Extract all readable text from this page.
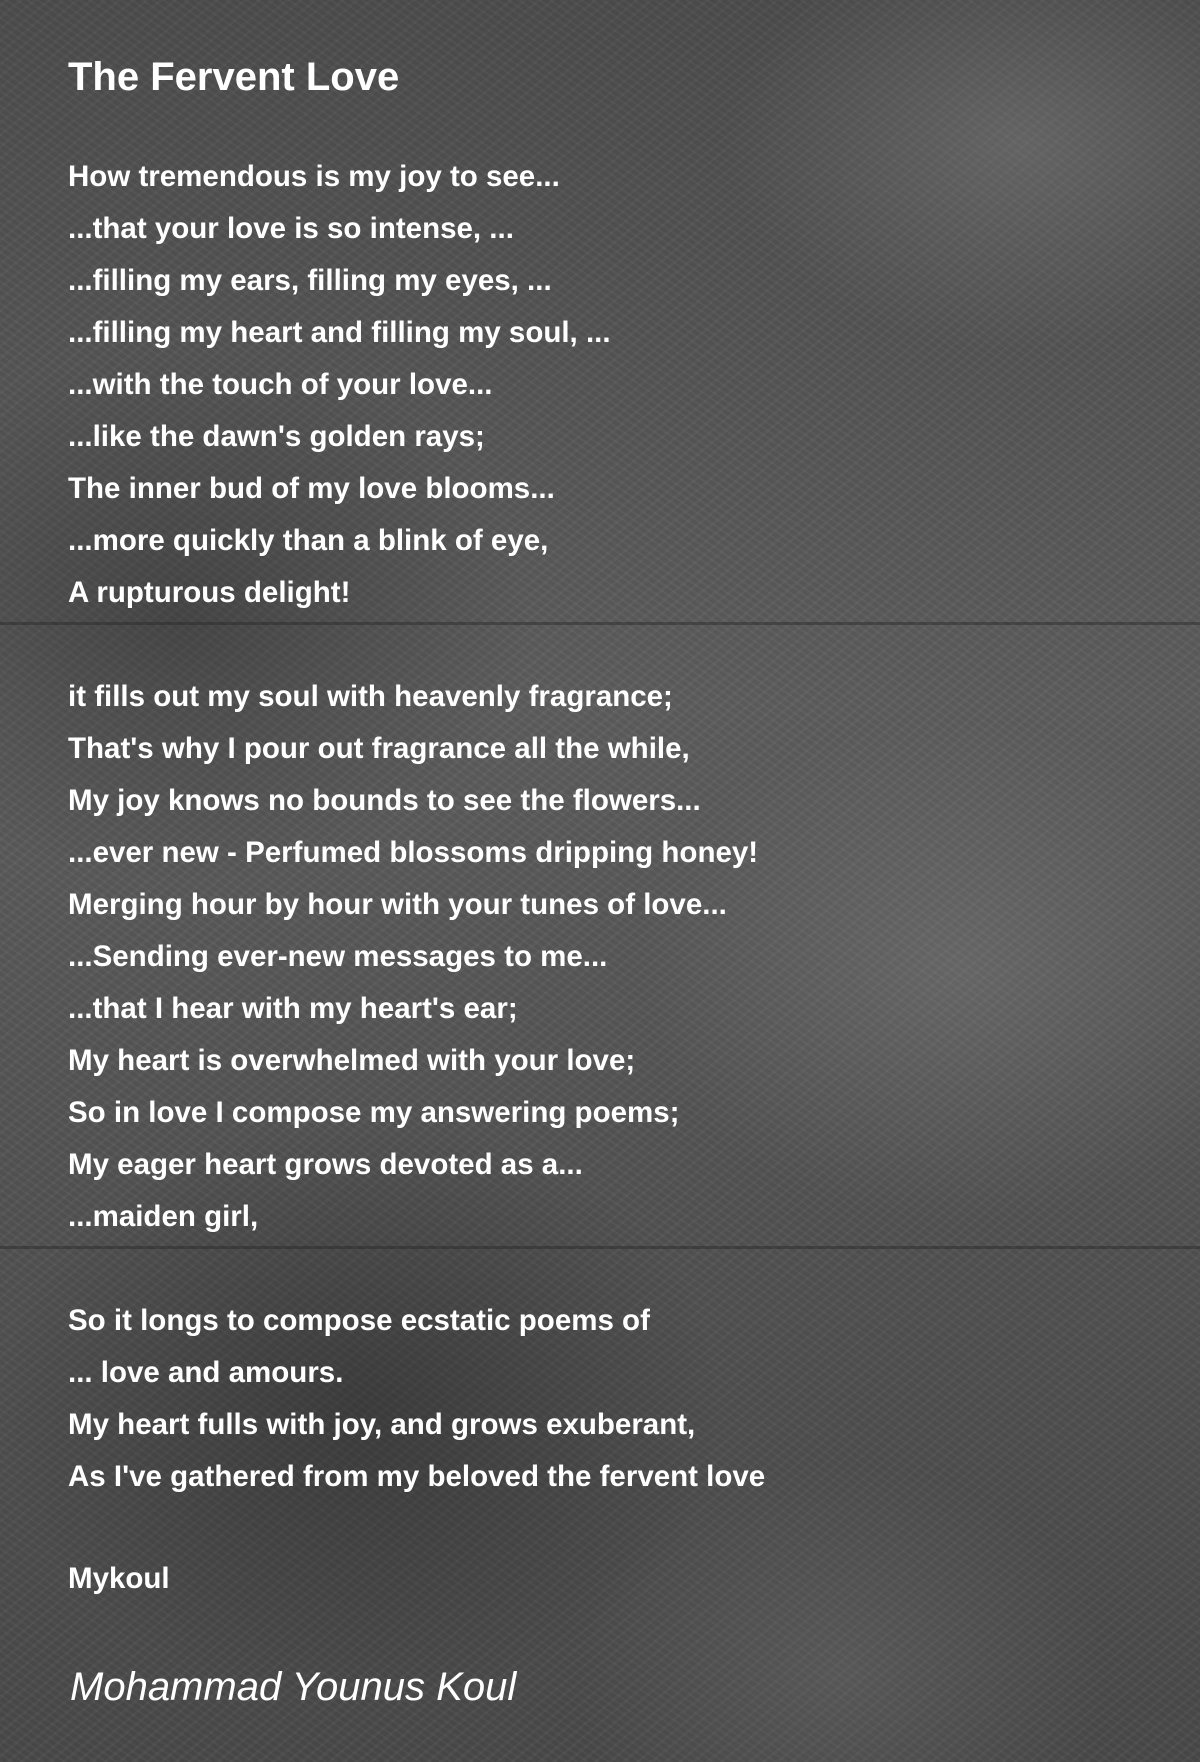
The Fervent Love
How tremendous is my joy to see...
...that your love is so intense, ...
...filling my ears, filling my eyes, ...
...filling my heart and filling my soul, ...
...with the touch of your love...
...like the dawn's golden rays;
The inner bud of my love blooms...
...more quickly than a blink of eye,
A rupturous delight!
it fills out my soul with heavenly fragrance;
That's why I pour out fragrance all the while,
My joy knows no bounds to see the flowers...
...ever new - Perfumed blossoms dripping honey!
Merging hour by hour with your tunes of love...
...Sending ever-new messages to me...
...that I hear with my heart's ear;
My heart is overwhelmed with your love;
So in love I compose my answering poems;
My eager heart grows devoted as a...
...maiden girl,
So it longs to compose ecstatic poems of
... love and amours.
My heart fulls with joy, and grows exuberant,
As I've gathered from my beloved the fervent love
Mykoul
Mohammad Younus Koul
